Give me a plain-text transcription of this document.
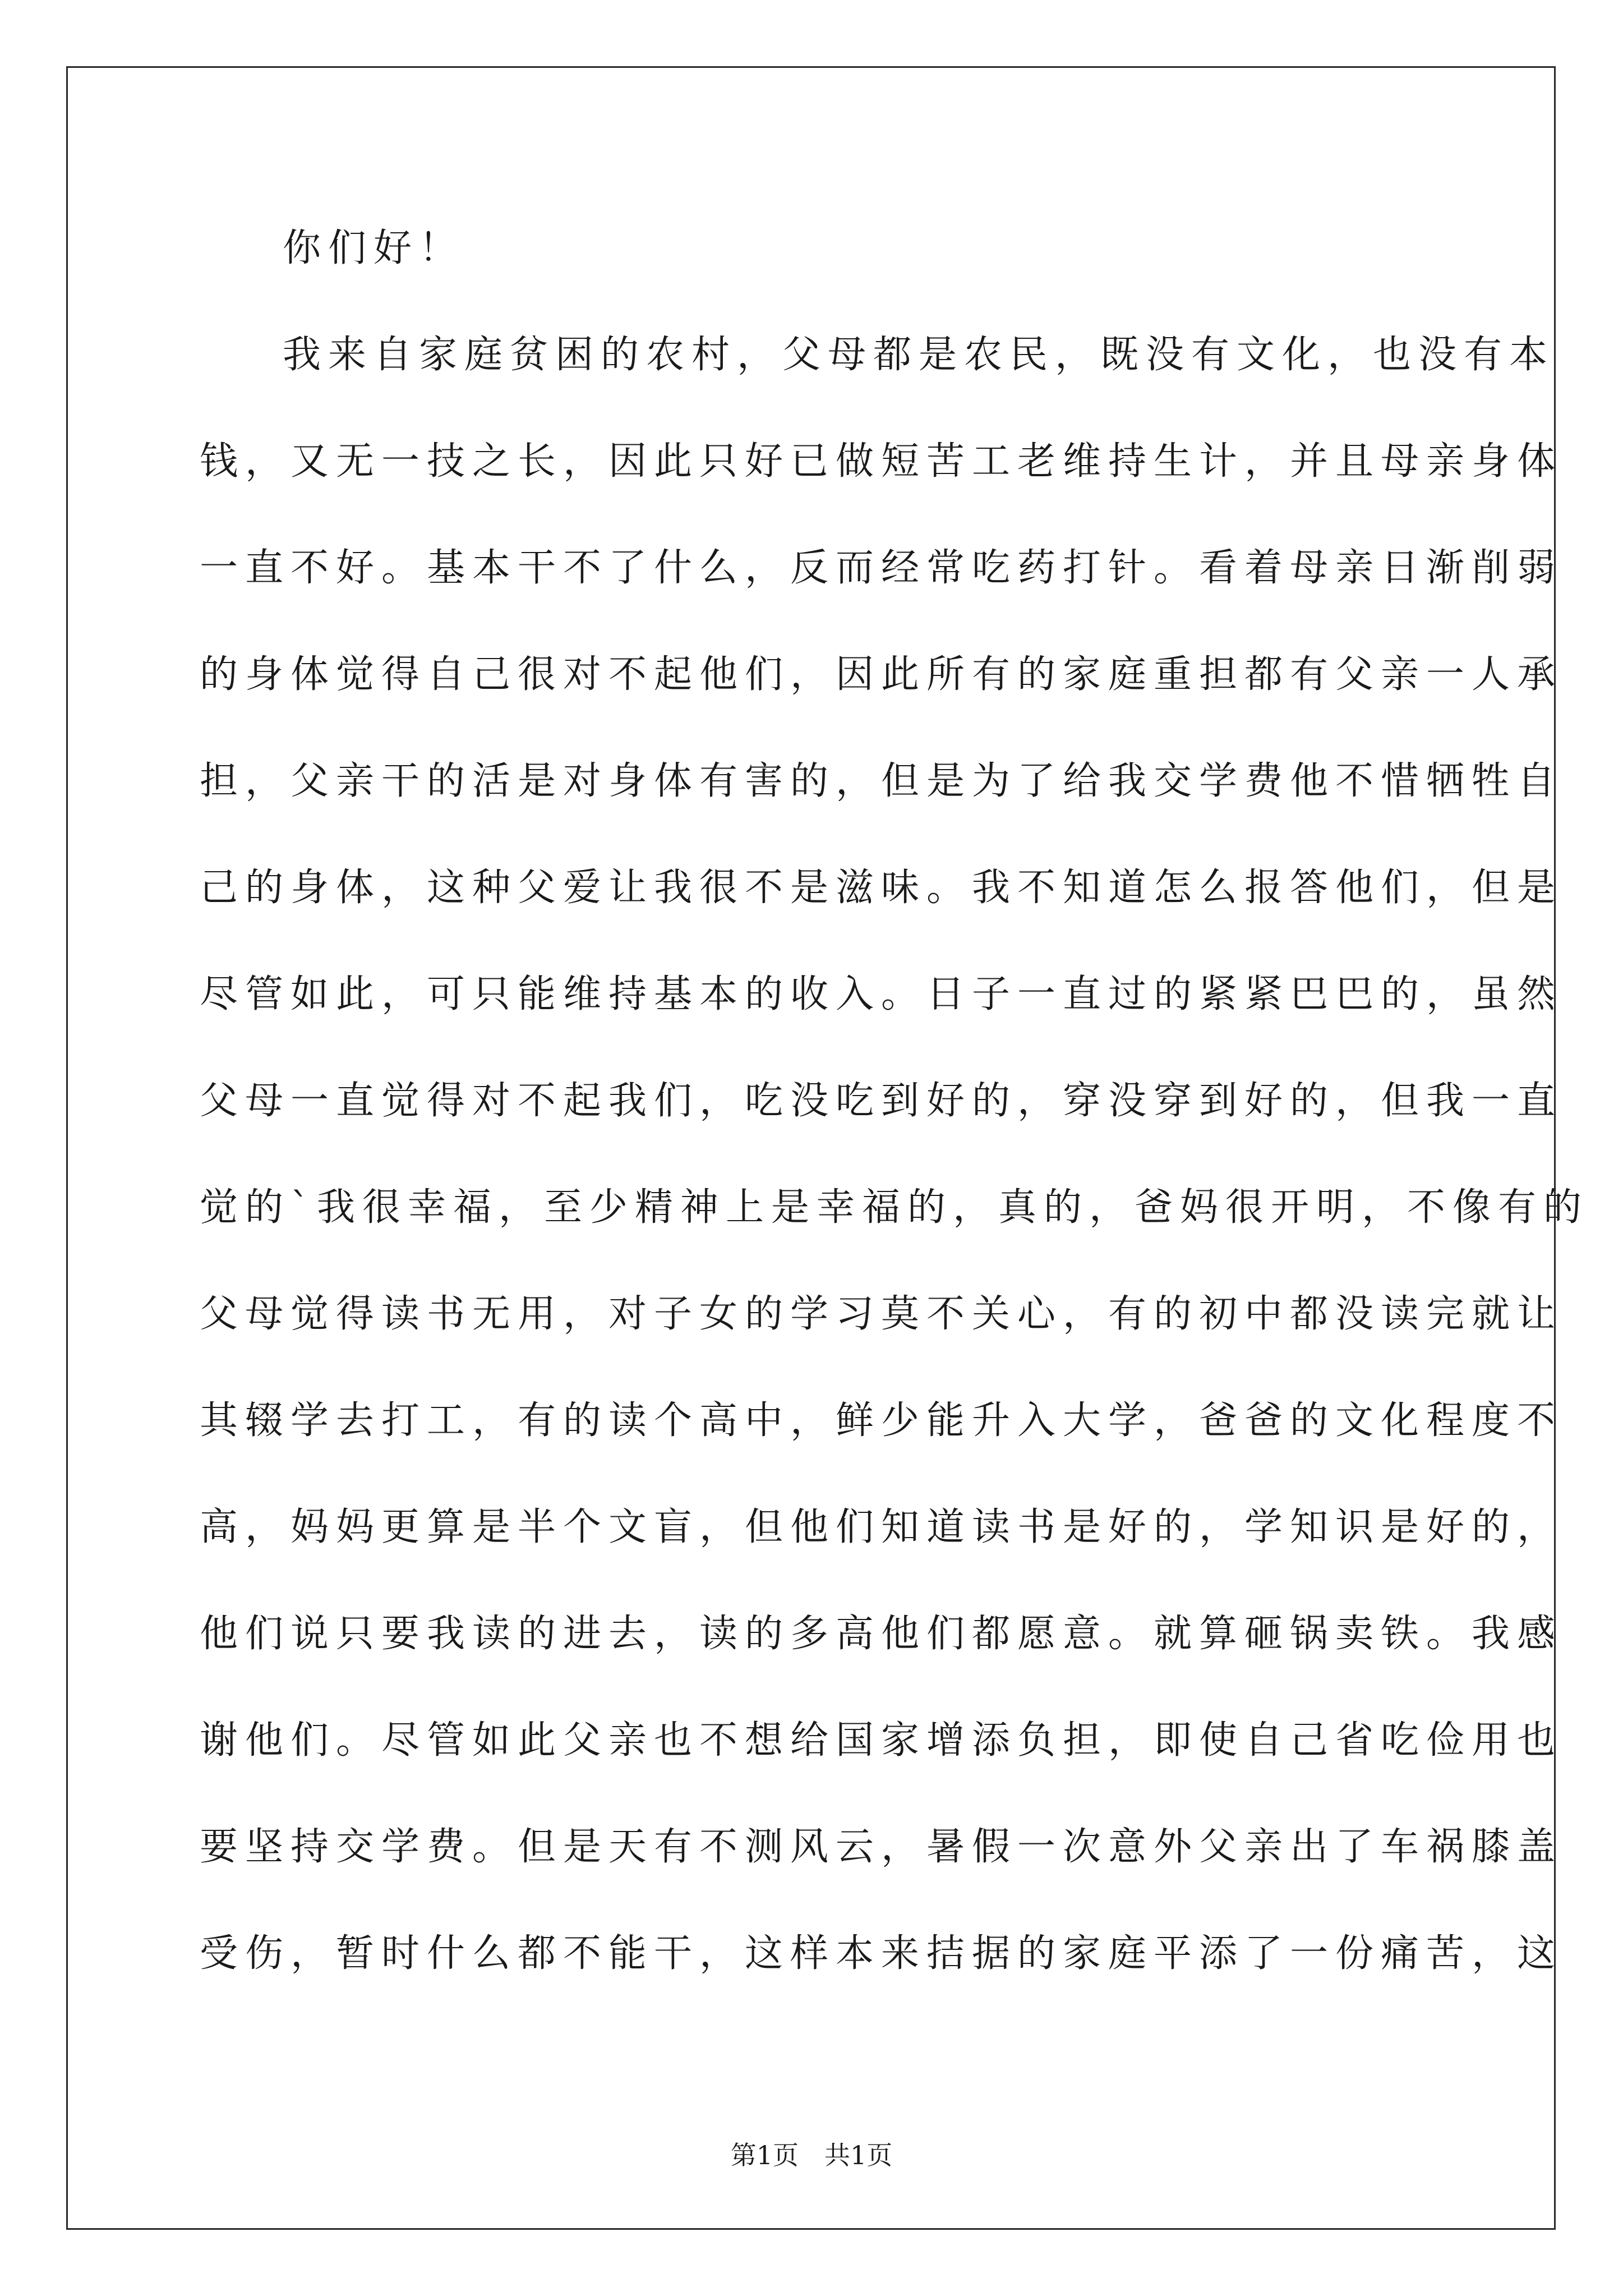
你们好！
我来自家庭贫困的农村，父母都是农民，既没有文化，也没有本
钱，又无一技之长，因此只好已做短苦工老维持生计，并且母亲身体
一直不好。基本干不了什么，反而经常吃药打针。看着母亲日渐削弱
的身体觉得自己很对不起他们，因此所有的家庭重担都有父亲一人承
担，父亲干的活是对身体有害的，但是为了给我交学费他不惜牺牲自
己的身体，这种父爱让我很不是滋味。我不知道怎么报答他们，但是
尽管如此，可只能维持基本的收入。日子一直过的紧紧巴巴的，虽然
父母一直觉得对不起我们，吃没吃到好的，穿没穿到好的，但我一直
觉的`我很幸福，至少精神上是幸福的，真的，爸妈很开明，不像有的
父母觉得读书无用，对子女的学习莫不关心，有的初中都没读完就让
其辍学去打工，有的读个高中，鲜少能升入大学，爸爸的文化程度不
高，妈妈更算是半个文盲，但他们知道读书是好的，学知识是好的，
他们说只要我读的进去，读的多高他们都愿意。就算砸锅卖铁。我感
谢他们。尽管如此父亲也不想给国家增添负担，即使自己省吃俭用也
要坚持交学费。但是天有不测风云，暑假一次意外父亲出了车祸膝盖
受伤，暂时什么都不能干，这样本来拮据的家庭平添了一份痛苦，这
第1页 共1页
